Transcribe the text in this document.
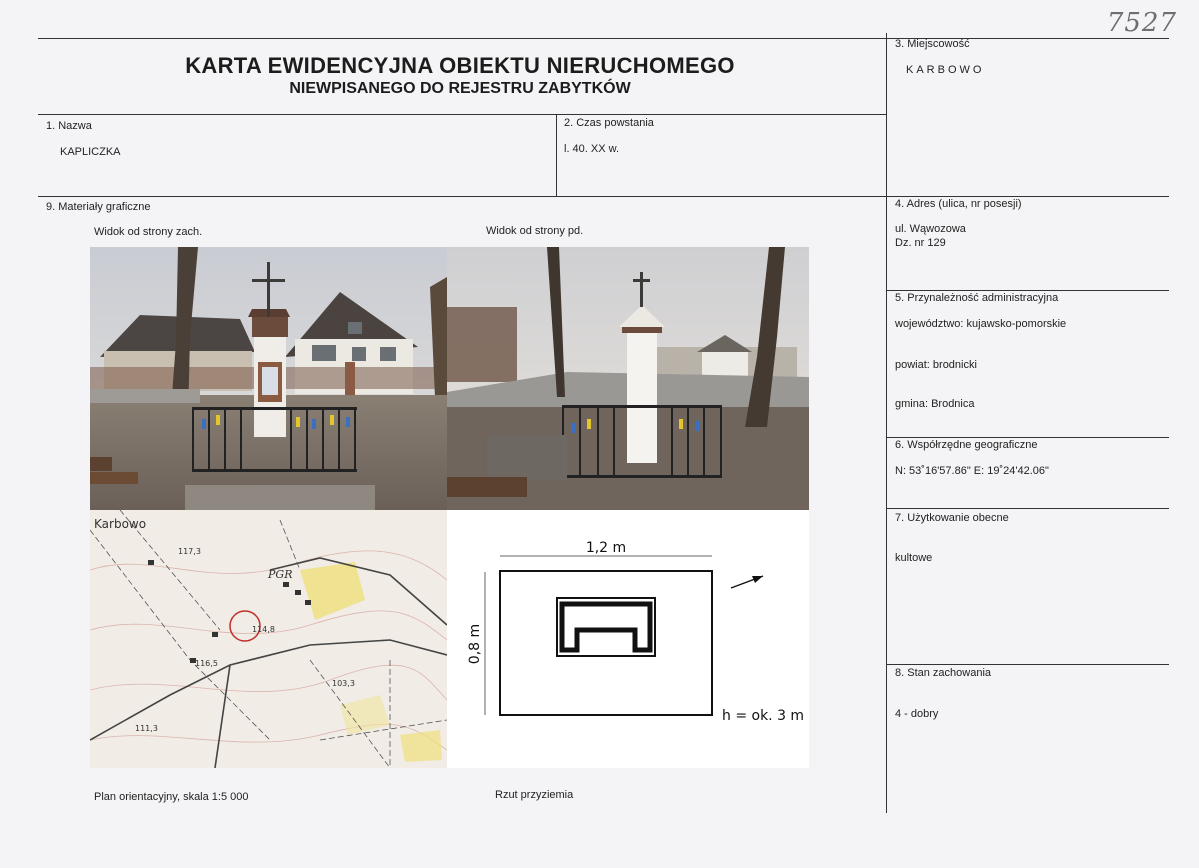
7527
KARTA EWIDENCYJNA OBIEKTU NIERUCHOMEGO
NIEWPISANEGO DO REJESTRU ZABYTKÓW
3. Miejscowość
KARBOWO
1. Nazwa
KAPLICZKA
2. Czas powstania
l. 40. XX w.
9. Materiały graficzne
Widok od strony zach.	Widok od strony pd.
4. Adres (ulica, nr posesji)
ul. Wąwozowa
Dz. nr 129
5. Przynależność administracyjna
województwo: kujawsko-pomorskie
powiat: brodnicki
gmina: Brodnica
6. Współrzędne geograficzne
N: 53˚16'57.86" E: 19˚24'42.06"
7. Użytkowanie obecne
kultowe
8. Stan zachowania
4 - dobry
Karbowo
117,3
PGR
114,8
116,5
103,3
111,3
1,2 m
0,8 m
h = ok. 3 m
Plan orientacyjny, skala 1:5 000	Rzut przyziemia
